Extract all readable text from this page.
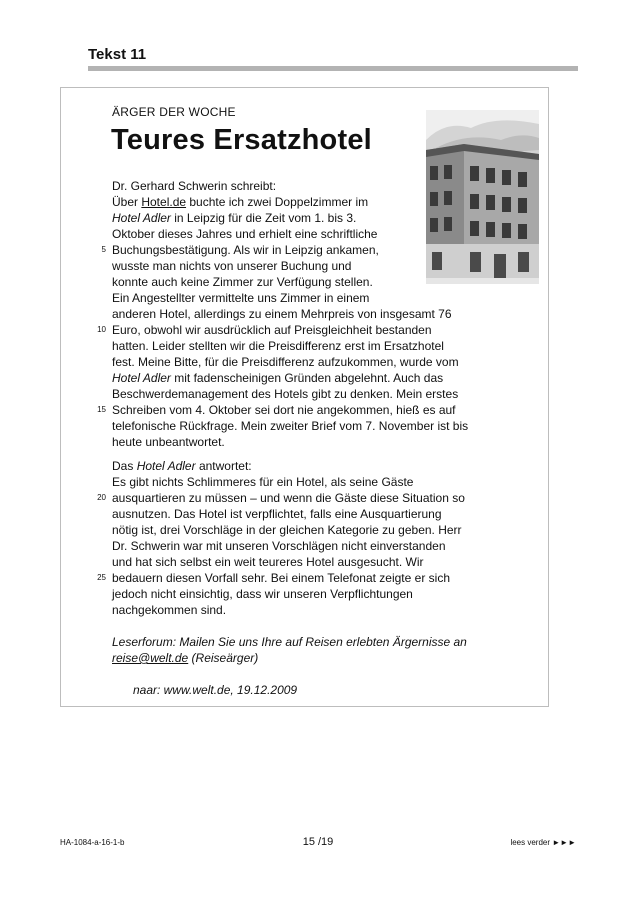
Tekst 11
ÄRGER DER WOCHE
Teures Ersatzhotel
Dr. Gerhard Schwerin schreibt:
Über Hotel.de buchte ich zwei Doppelzimmer im
Hotel Adler in Leipzig für die Zeit vom 1. bis 3.
Oktober dieses Jahres und erhielt eine schriftliche
Buchungsbestätigung. Als wir in Leipzig ankamen,
wusste man nichts von unserer Buchung und
konnte auch keine Zimmer zur Verfügung stellen.
Ein Angestellter vermittelte uns Zimmer in einem
anderen Hotel, allerdings zu einem Mehrpreis von insgesamt 76
Euro, obwohl wir ausdrücklich auf Preisgleichheit bestanden
hatten. Leider stellten wir die Preisdifferenz erst im Ersatzhotel
fest. Meine Bitte, für die Preisdifferenz aufzukommen, wurde vom
Hotel Adler mit fadenscheinigen Gründen abgelehnt. Auch das
Beschwerdemanagement des Hotels gibt zu denken. Mein erstes
Schreiben vom 4. Oktober sei dort nie angekommen, hieß es auf
telefonische Rückfrage. Mein zweiter Brief vom 7. November ist bis
heute unbeantwortet.
Das Hotel Adler antwortet:
Es gibt nichts Schlimmeres für ein Hotel, als seine Gäste
ausquartieren zu müssen – und wenn die Gäste diese Situation so
ausnutzen. Das Hotel ist verpflichtet, falls eine Ausquartierung
nötig ist, drei Vorschläge in der gleichen Kategorie zu geben. Herr
Dr. Schwerin war mit unseren Vorschlägen nicht einverstanden
und hat sich selbst ein weit teureres Hotel ausgesucht. Wir
bedauern diesen Vorfall sehr. Bei einem Telefonat zeigte er sich
jedoch nicht einsichtig, dass wir unseren Verpflichtungen
nachgekommen sind.
Leserforum: Mailen Sie uns Ihre auf Reisen erlebten Ärgernisse an
reise@welt.de (Reiseärger)
naar: www.welt.de, 19.12.2009
5
10
15
20
25
HA-1084-a-16-1-b	15 /19	lees verder ►►►
